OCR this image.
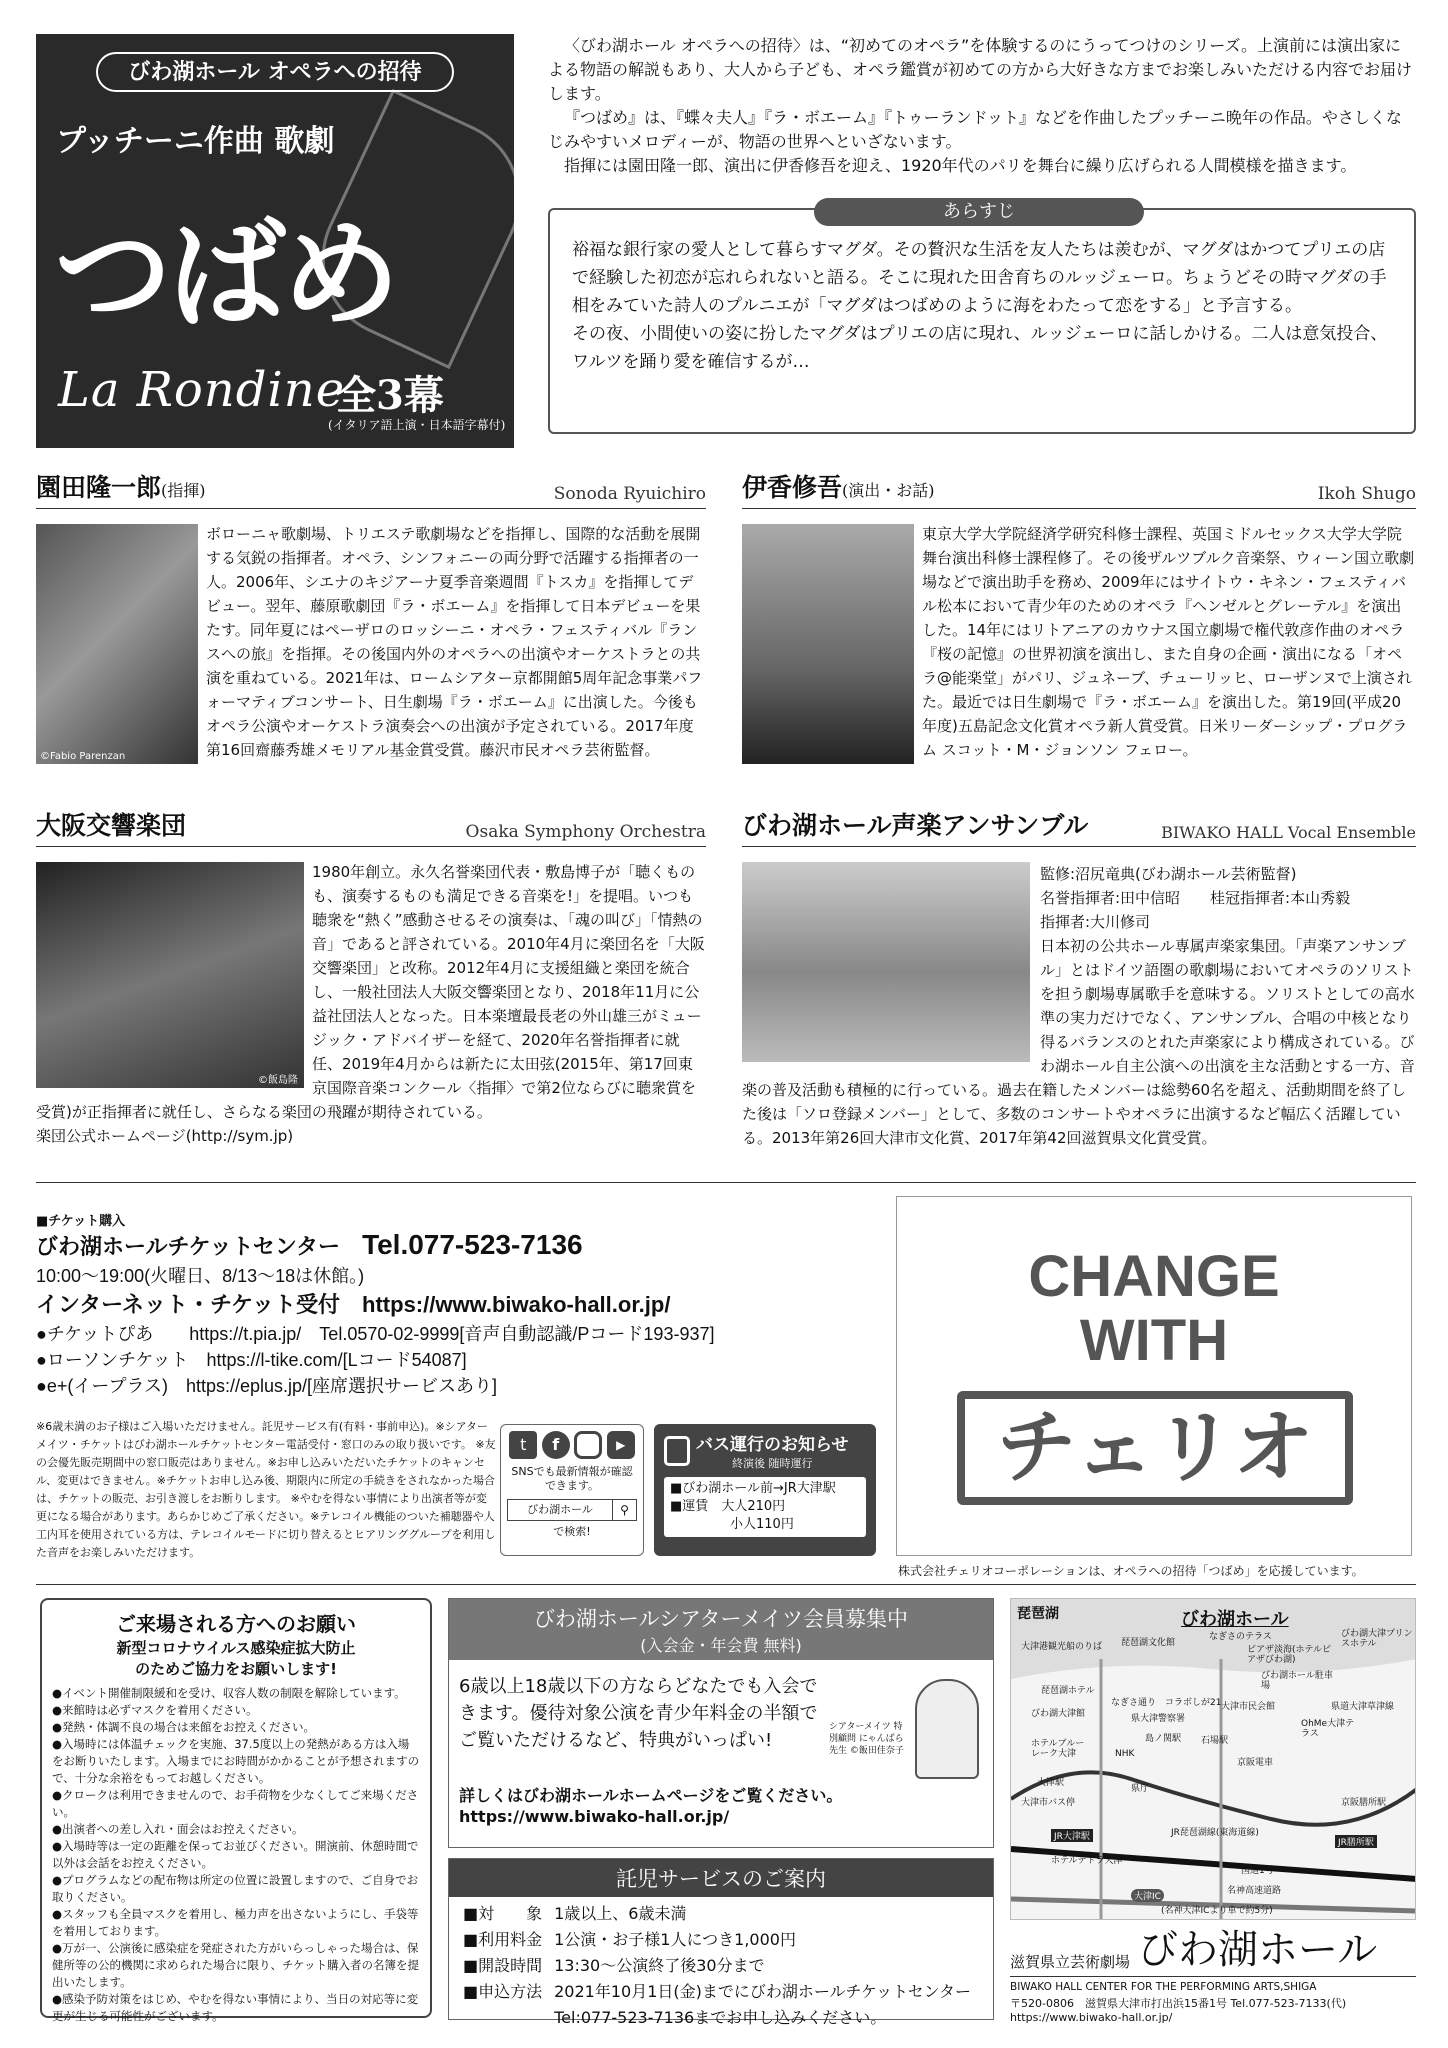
びわ湖ホール オペラへの招待
プッチーニ作曲 歌劇
つばめ
La Rondine
全3幕
(イタリア語上演・日本語字幕付)

〈びわ湖ホール オペラへの招待〉は、“初めてのオペラ”を体験するのにうってつけのシリーズ。上演前には演出家による物語の解説もあり、大人から子ども、オペラ鑑賞が初めての方から大好きな方までお楽しみいただける内容でお届けします。

『つばめ』は、『蝶々夫人』『ラ・ボエーム』『トゥーランドット』などを作曲したプッチーニ晩年の作品。やさしくなじみやすいメロディーが、物語の世界へといざないます。

指揮には園田隆一郎、演出に伊香修吾を迎え、1920年代のパリを舞台に繰り広げられる人間模様を描きます。

あらすじ

裕福な銀行家の愛人として暮らすマグダ。その贅沢な生活を友人たちは羨むが、マグダはかつてプリエの店で経験した初恋が忘れられないと語る。そこに現れた田舎育ちのルッジェーロ。ちょうどその時マグダの手相をみていた詩人のプルニエが「マグダはつばめのように海をわたって恋をする」と予言する。

その夜、小間使いの姿に扮したマグダはプリエの店に現れ、ルッジェーロに話しかける。二人は意気投合、ワルツを踊り愛を確信するが…

園田隆一郎(指揮)	Sonoda Ryuichiro
©Fabio Parenzan
ボローニャ歌劇場、トリエステ歌劇場などを指揮し、国際的な活動を展開する気鋭の指揮者。オペラ、シンフォニーの両分野で活躍する指揮者の一人。2006年、シエナのキジアーナ夏季音楽週間『トスカ』を指揮してデビュー。翌年、藤原歌劇団『ラ・ボエーム』を指揮して日本デビューを果たす。同年夏にはペーザロのロッシーニ・オペラ・フェスティバル『ランスへの旅』を指揮。その後国内外のオペラへの出演やオーケストラとの共演を重ねている。2021年は、ロームシアター京都開館5周年記念事業パフォーマティブコンサート、日生劇場『ラ・ボエーム』に出演した。今後もオペラ公演やオーケストラ演奏会への出演が予定されている。2017年度第16回齋藤秀雄メモリアル基金賞受賞。藤沢市民オペラ芸術監督。
伊香修吾(演出・お話)	Ikoh Shugo
東京大学大学院経済学研究科修士課程、英国ミドルセックス大学大学院舞台演出科修士課程修了。その後ザルツブルク音楽祭、ウィーン国立歌劇場などで演出助手を務め、2009年にはサイトウ・キネン・フェスティバル松本において青少年のためのオペラ『ヘンゼルとグレーテル』を演出した。14年にはリトアニアのカウナス国立劇場で権代敦彦作曲のオペラ『桜の記憶』の世界初演を演出し、また自身の企画・演出になる「オペラ@能楽堂」がパリ、ジュネーブ、チューリッヒ、ローザンヌで上演された。最近では日生劇場で『ラ・ボエーム』を演出した。第19回(平成20年度)五島記念文化賞オペラ新人賞受賞。日米リーダーシップ・プログラム スコット・M・ジョンソン フェロー。
大阪交響楽団	Osaka Symphony Orchestra
©飯島隆
1980年創立。永久名誉楽団代表・敷島博子が「聴くものも、演奏するものも満足できる音楽を!」を提唱。いつも聴衆を“熱く”感動させるその演奏は、「魂の叫び」「情熱の音」であると評されている。2010年4月に楽団名を「大阪交響楽団」と改称。2012年4月に支援組織と楽団を統合し、一般社団法人大阪交響楽団となり、2018年11月に公益社団法人となった。日本楽壇最長老の外山雄三がミュージック・アドバイザーを経て、2020年名誉指揮者に就任、2019年4月からは新たに太田弦(2015年、第17回東京国際音楽コンクール〈指揮〉で第2位ならびに聴衆賞を受賞)が正指揮者に就任し、さらなる楽団の飛躍が期待されている。
楽団公式ホームページ(http://sym.jp)
びわ湖ホール声楽アンサンブル	BIWAKO HALL Vocal Ensemble
監修:沼尻竜典(びわ湖ホール芸術監督)
名誉指揮者:田中信昭　　桂冠指揮者:本山秀毅
指揮者:大川修司
日本初の公共ホール専属声楽家集団。「声楽アンサンブル」とはドイツ語圏の歌劇場においてオペラのソリストを担う劇場専属歌手を意味する。ソリストとしての高水準の実力だけでなく、アンサンブル、合唱の中核となり得るバランスのとれた声楽家により構成されている。びわ湖ホール自主公演への出演を主な活動とする一方、音楽の普及活動も積極的に行っている。過去在籍したメンバーは総勢60名を超え、活動期間を終了した後は「ソロ登録メンバー」として、多数のコンサートやオペラに出演するなど幅広く活躍している。2013年第26回大津市文化賞、2017年第42回滋賀県文化賞受賞。
■チケット購入
びわ湖ホールチケットセンター　 Tel.077-523-7136
10:00～19:00(火曜日、8/13～18は休館。)
インターネット・チケット受付　https://www.biwako-hall.or.jp/
●チケットぴあ　　https://t.pia.jp/　Tel.0570-02-9999[音声自動認識/Pコード193-937]
●ローソンチケット　https://l-tike.com/[Lコード54087]
●e+(イープラス)　https://eplus.jp/[座席選択サービスあり]
※6歳未満のお子様はご入場いただけません。託児サービス有(有料・事前申込)。※シアターメイツ・チケットはびわ湖ホールチケットセンター電話受付・窓口のみの取り扱いです。 ※友の会優先販売期間中の窓口販売はありません。※お申し込みいただいたチケットのキャンセル、変更はできません。※チケットお申し込み後、期限内に所定の手続きをされなかった場合は、チケットの販売、お引き渡しをお断りします。 ※やむを得ない事情により出演者等が変更になる場合があります。あらかじめご了承ください。※テレコイル機能のついた補聴器や人工内耳を使用されている方は、テレコイルモードに切り替えるとヒアリンググループを利用した音声をお楽しみいただけます。
t	f	▶
SNSでも最新情報が確認できます。
びわ湖ホール	⚲
で検索!
バス運行のお知らせ
終演後 随時運行
■びわ湖ホール前→JR大津駅
■運賃　 大人210円
小人110円
CHANGE
WITH
チェリオ
株式会社チェリオコーポレーションは、オペラへの招待「つばめ」を応援しています。
ご来場される方へのお願い
新型コロナウイルス感染症拡大防止
のためご協力をお願いします!
●イベント開催制限緩和を受け、収容人数の制限を解除しています。
●来館時は必ずマスクを着用ください。
●発熱・体調不良の場合は来館をお控えください。
●入場時には体温チェックを実施、37.5度以上の発熱がある方は入場をお断りいたします。入場までにお時間がかかることが予想されますので、十分な余裕をもってお越しください。
●クロークは利用できませんので、お手荷物を少なくしてご来場ください。
●出演者への差し入れ・面会はお控えください。
●入場時等は一定の距離を保ってお並びください。開演前、休憩時間で以外は会話をお控えください。
●プログラムなどの配布物は所定の位置に設置しますので、ご自身でお取りください。
●スタッフも全員マスクを着用し、極力声を出さないようにし、手袋等を着用しております。
●万が一、公演後に感染症を発症された方がいらっしゃった場合は、保健所等の公的機関に求められた場合に限り、チケット購入者の名簿を提出いたします。
●感染予防対策をはじめ、やむを得ない事情により、当日の対応等に変更が生じる可能性がございます。
びわ湖ホールシアターメイツ会員募集中
(入会金・年会費 無料)
6歳以上18歳以下の方ならどなたでも入会できます。優待対象公演を青少年料金の半額でご覧いただけるなど、特典がいっぱい!
詳しくはびわ湖ホールホームページをご覧ください。
https://www.biwako-hall.or.jp/
シアターメイツ 特別顧問 にゃんばら先生 ©飯田佳奈子
託児サービスのご案内
■対　　象	1歳以上、6歳未満
■利用料金	1公演・お子様1人につき1,000円
■開設時間	13:30～公演終了後30分まで
■申込方法	2021年10月1日(金)までにびわ湖ホールチケットセンター
	Tel:077-523-7136までお申し込みください。
琵琶湖	びわ湖ホール
大津港観光船のりば 琵琶湖文化館
なぎさのテラス
ビアザ淡海(ホテルピアザびわ湖)
びわ湖ホール駐車場
びわ湖大津プリンスホテル
琵琶湖ホテル
びわ湖大津館
なぎさ通り コラボしが21 大津市民会館
県大津警察署	OhMe大津テラス
県道大津草津線
ホテルブルーレーク大津	NHK
島ノ関駅 石場駅
京阪電車
大津駅
県庁
大津市バス停
JR大津駅	JR琵琶湖線(東海道線)
JR膳所駅
京阪膳所駅
ホテルテトラ大津
国道1号
名神高速道路
大津IC
(名神大津ICより車で約5分)
滋賀県立芸術劇場 びわ湖ホール
BIWAKO HALL CENTER FOR THE PERFORMING ARTS,SHIGA
〒520-0806　滋賀県大津市打出浜15番1号 Tel.077-523-7133(代)
https://www.biwako-hall.or.jp/
